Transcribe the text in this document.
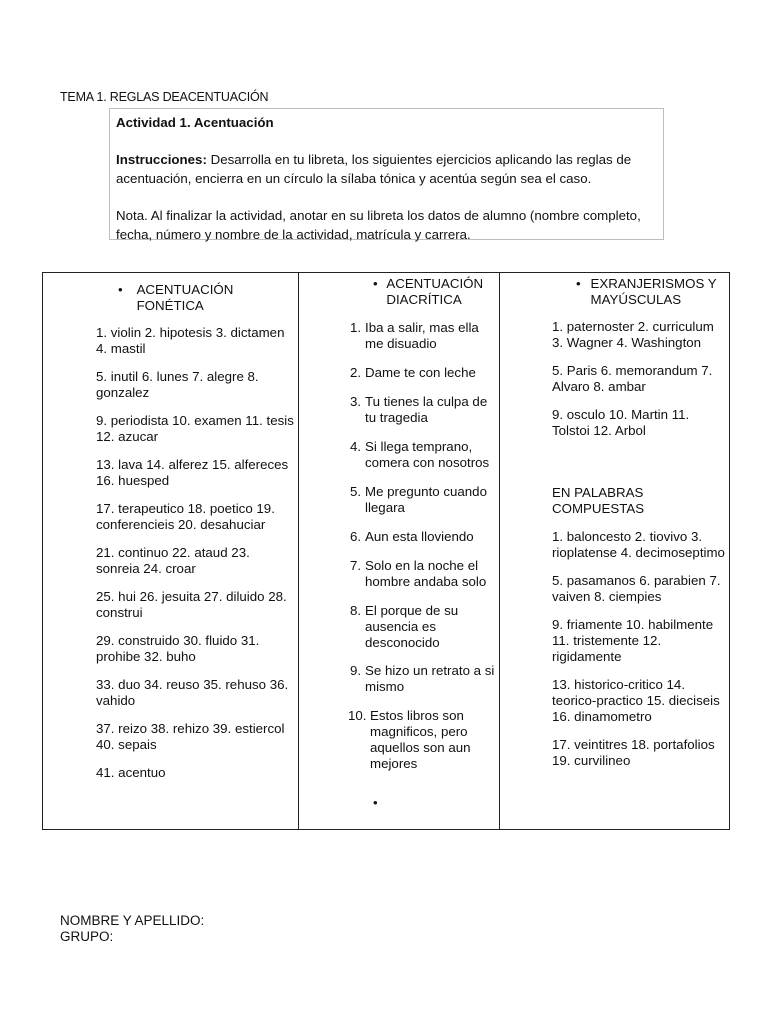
TEMA 1. REGLAS DEACENTUACIÓN

Actividad 1. Acentuación

Instrucciones: Desarrolla en tu libreta, los siguientes ejercicios aplicando las reglas de acentuación, encierra en un círculo la sílaba tónica y acentúa según sea el caso.

Nota. Al finalizar la actividad, anotar en su libreta los datos de alumno (nombre completo, fecha, número y nombre de la actividad, matrícula y carrera.

•	ACENTUACIÓN FONÉTICA
1. violin 2. hipotesis 3. dictamen 4. mastil
5. inutil 6. lunes 7. alegre 8. gonzalez
9. periodista 10. examen 11. tesis 12. azucar
13. lava 14. alferez 15. alfereces 16. huesped
17. terapeutico 18. poetico 19. conferencieis 20. desahuciar
21. continuo 22. ataud 23. sonreia 24. croar
25. hui 26. jesuita 27. diluido 28. construi
29. construido 30. fluido 31. prohibe 32. buho
33. duo 34. reuso 35. rehuso 36. vahido
37. reizo 38. rehizo 39. estiercol 40. sepais
41. acentuo
• ACENTUACIÓN DIACRÍTICA
1. Iba a salir, mas ella me disuadio
2. Dame te con leche
3. Tu tienes la culpa de tu tragedia
4. Si llega temprano, comera con nosotros
5. Me pregunto cuando llegara
6. Aun esta lloviendo
7. Solo en la noche el hombre andaba solo
8. El porque de su ausencia es desconocido
9. Se hizo un retrato a si mismo
10. Estos libros son magnificos, pero aquellos son aun mejores
•
• EXRANJERISMOS Y MAYÚSCULAS
1. paternoster 2. curriculum 3. Wagner 4. Washington
5. Paris 6. memorandum 7. Alvaro 8. ambar
9. osculo 10. Martin 11. Tolstoi 12. Arbol
EN PALABRAS COMPUESTAS
1. baloncesto 2. tiovivo 3. rioplatense 4. decimoseptimo
5. pasamanos 6. parabien 7. vaiven 8. ciempies
9. friamente 10. habilmente 11. tristemente 12. rigidamente
13. historico-critico 14. teorico-practico 15. dieciseis 16. dinamometro
17. veintitres 18. portafolios 19. curvilineo
NOMBRE Y APELLIDO:
GRUPO:
